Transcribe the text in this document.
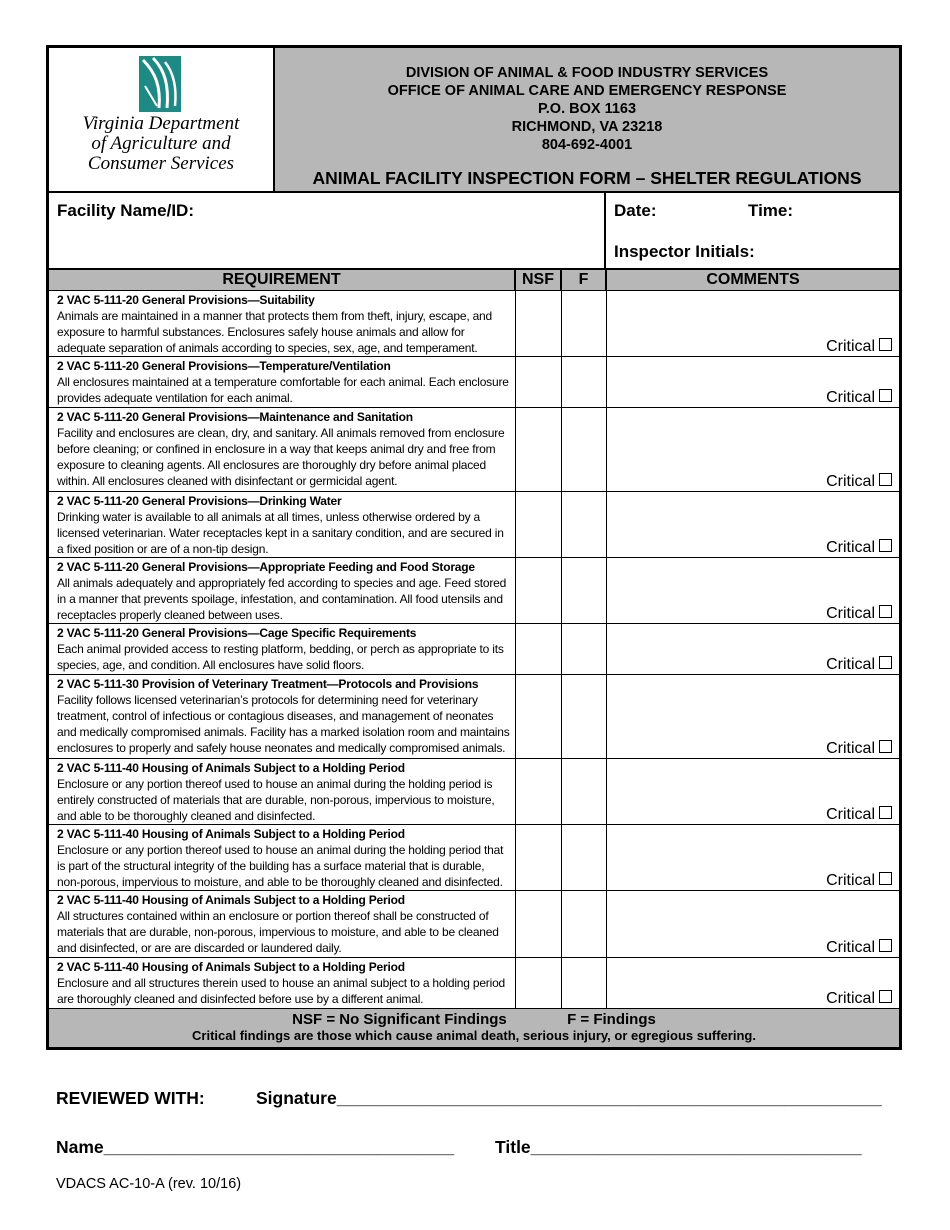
Virginia Department
of Agriculture and
Consumer Services
DIVISION OF ANIMAL & FOOD INDUSTRY SERVICES
OFFICE OF ANIMAL CARE AND EMERGENCY RESPONSE
P.O. BOX 1163
RICHMOND, VA 23218
804-692-4001
ANIMAL FACILITY INSPECTION FORM – SHELTER REGULATIONS
Facility Name/ID:	Date:	Time:
Inspector Initials:
REQUIREMENT	NSF	F	COMMENTS

2 VAC 5-111-20 General Provisions—Suitability
Animals are maintained in a manner that protects them from theft, injury, escape, and exposure to harmful substances. Enclosures safely house animals and allow for adequate separation of animals according to species, sex, age, and temperament.			Critical

2 VAC 5-111-20 General Provisions—Temperature/Ventilation
All enclosures maintained at a temperature comfortable for each animal. Each enclosure provides adequate ventilation for each animal.			Critical

2 VAC 5-111-20 General Provisions—Maintenance and Sanitation
Facility and enclosures are clean, dry, and sanitary. All animals removed from enclosure before cleaning; or confined in enclosure in a way that keeps animal dry and free from exposure to cleaning agents. All enclosures are thoroughly dry before animal placed within. All enclosures cleaned with disinfectant or germicidal agent.			Critical

2 VAC 5-111-20 General Provisions—Drinking Water
Drinking water is available to all animals at all times, unless otherwise ordered by a licensed veterinarian. Water receptacles kept in a sanitary condition, and are secured in a fixed position or are of a non-tip design.			Critical

2 VAC 5-111-20 General Provisions—Appropriate Feeding and Food Storage
All animals adequately and appropriately fed according to species and age. Feed stored in a manner that prevents spoilage, infestation, and contamination. All food utensils and receptacles properly cleaned between uses.			Critical

2 VAC 5-111-20 General Provisions—Cage Specific Requirements
Each animal provided access to resting platform, bedding, or perch as appropriate to its species, age, and condition. All enclosures have solid floors.			Critical

2 VAC 5-111-30 Provision of Veterinary Treatment—Protocols and Provisions
Facility follows licensed veterinarian’s protocols for determining need for veterinary treatment, control of infectious or contagious diseases, and management of neonates and medically compromised animals. Facility has a marked isolation room and maintains enclosures to properly and safely house neonates and medically compromised animals.			Critical

2 VAC 5-111-40 Housing of Animals Subject to a Holding Period
Enclosure or any portion thereof used to house an animal during the holding period is entirely constructed of materials that are durable, non-porous, impervious to moisture, and able to be thoroughly cleaned and disinfected.			Critical

2 VAC 5-111-40 Housing of Animals Subject to a Holding Period
Enclosure or any portion thereof used to house an animal during the holding period that is part of the structural integrity of the building has a surface material that is durable, non-porous, impervious to moisture, and able to be thoroughly cleaned and disinfected.			Critical

2 VAC 5-111-40 Housing of Animals Subject to a Holding Period
All structures contained within an enclosure or portion thereof shall be constructed of materials that are durable, non-porous, impervious to moisture, and able to be cleaned and disinfected, or are are discarded or laundered daily.			Critical

2 VAC 5-111-40 Housing of Animals Subject to a Holding Period
Enclosure and all structures therein used to house an animal subject to a holding period are thoroughly cleaned and disinfected before use by a different animal.			Critical
NSF = No Significant Findings	F = Findings
Critical findings are those which cause animal death, serious injury, or egregious suffering.
REVIEWED WITH:	Signature________________________________________________________
Name____________________________________ Title__________________________________
VDACS AC-10-A (rev. 10/16)
